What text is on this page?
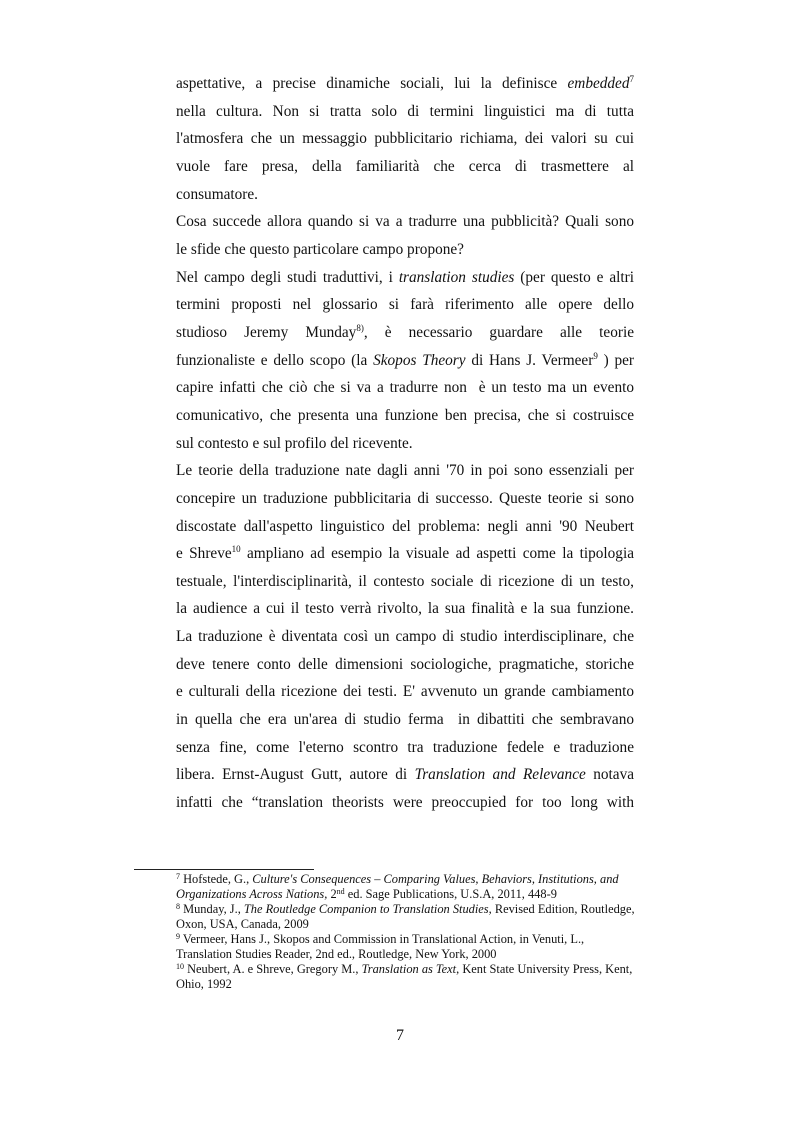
aspettative, a precise dinamiche sociali, lui la definisce embedded$^7$
nella cultura. Non si tratta solo di termini linguistici ma di tutta
l'atmosfera che un messaggio pubblicitario richiama, dei valori su cui
vuole fare presa, della familiarità che cerca di trasmettere al
consumatore.
Cosa succede allora quando si va a tradurre una pubblicità? Quali sono
le sfide che questo particolare campo propone?
Nel campo degli studi traduttivi, i translation studies (per questo e altri
termini proposti nel glossario si farà riferimento alle opere dello
studioso Jeremy Munday$^{8)}$, è necessario guardare alle teorie
funzionaliste e dello scopo (la Skopos Theory di Hans J. Vermeer$^9$ ) per
capire infatti che ciò che si va a tradurre non  è un testo ma un evento
comunicativo, che presenta una funzione ben precisa, che si costruisce
sul contesto e sul profilo del ricevente.
Le teorie della traduzione nate dagli anni '70 in poi sono essenziali per
concepire un traduzione pubblicitaria di successo. Queste teorie si sono
discostate dall'aspetto linguistico del problema: negli anni '90 Neubert
e Shreve$^{10}$ ampliano ad esempio la visuale ad aspetti come la tipologia
testuale, l'interdisciplinarità, il contesto sociale di ricezione di un testo,
la audience a cui il testo verrà rivolto, la sua finalità e la sua funzione.
La traduzione è diventata così un campo di studio interdisciplinare, che
deve tenere conto delle dimensioni sociologiche, pragmatiche, storiche
e culturali della ricezione dei testi. E' avvenuto un grande cambiamento
in quella che era un'area di studio ferma  in dibattiti che sembravano
senza fine, come l'eterno scontro tra traduzione fedele e traduzione
libera. Ernst-August Gutt, autore di Translation and Relevance notava
infatti che “translation theorists were preoccupied for too long with

$^7$ Hofstede, G., Culture's Consequences – Comparing Values, Behaviors, Institutions, and Organizations Across Nations, 2nd ed. Sage Publications, U.S.A, 2011, 448-9

$^8$ Munday, J., The Routledge Companion to Translation Studies, Revised Edition, Routledge, Oxon, USA, Canada, 2009

$^9$ Vermeer, Hans J., Skopos and Commission in Translational Action, in Venuti, L., Translation Studies Reader, 2nd ed., Routledge, New York, 2000

$^{10}$ Neubert, A. e Shreve, Gregory M., Translation as Text, Kent State University Press, Kent, Ohio, 1992

7
